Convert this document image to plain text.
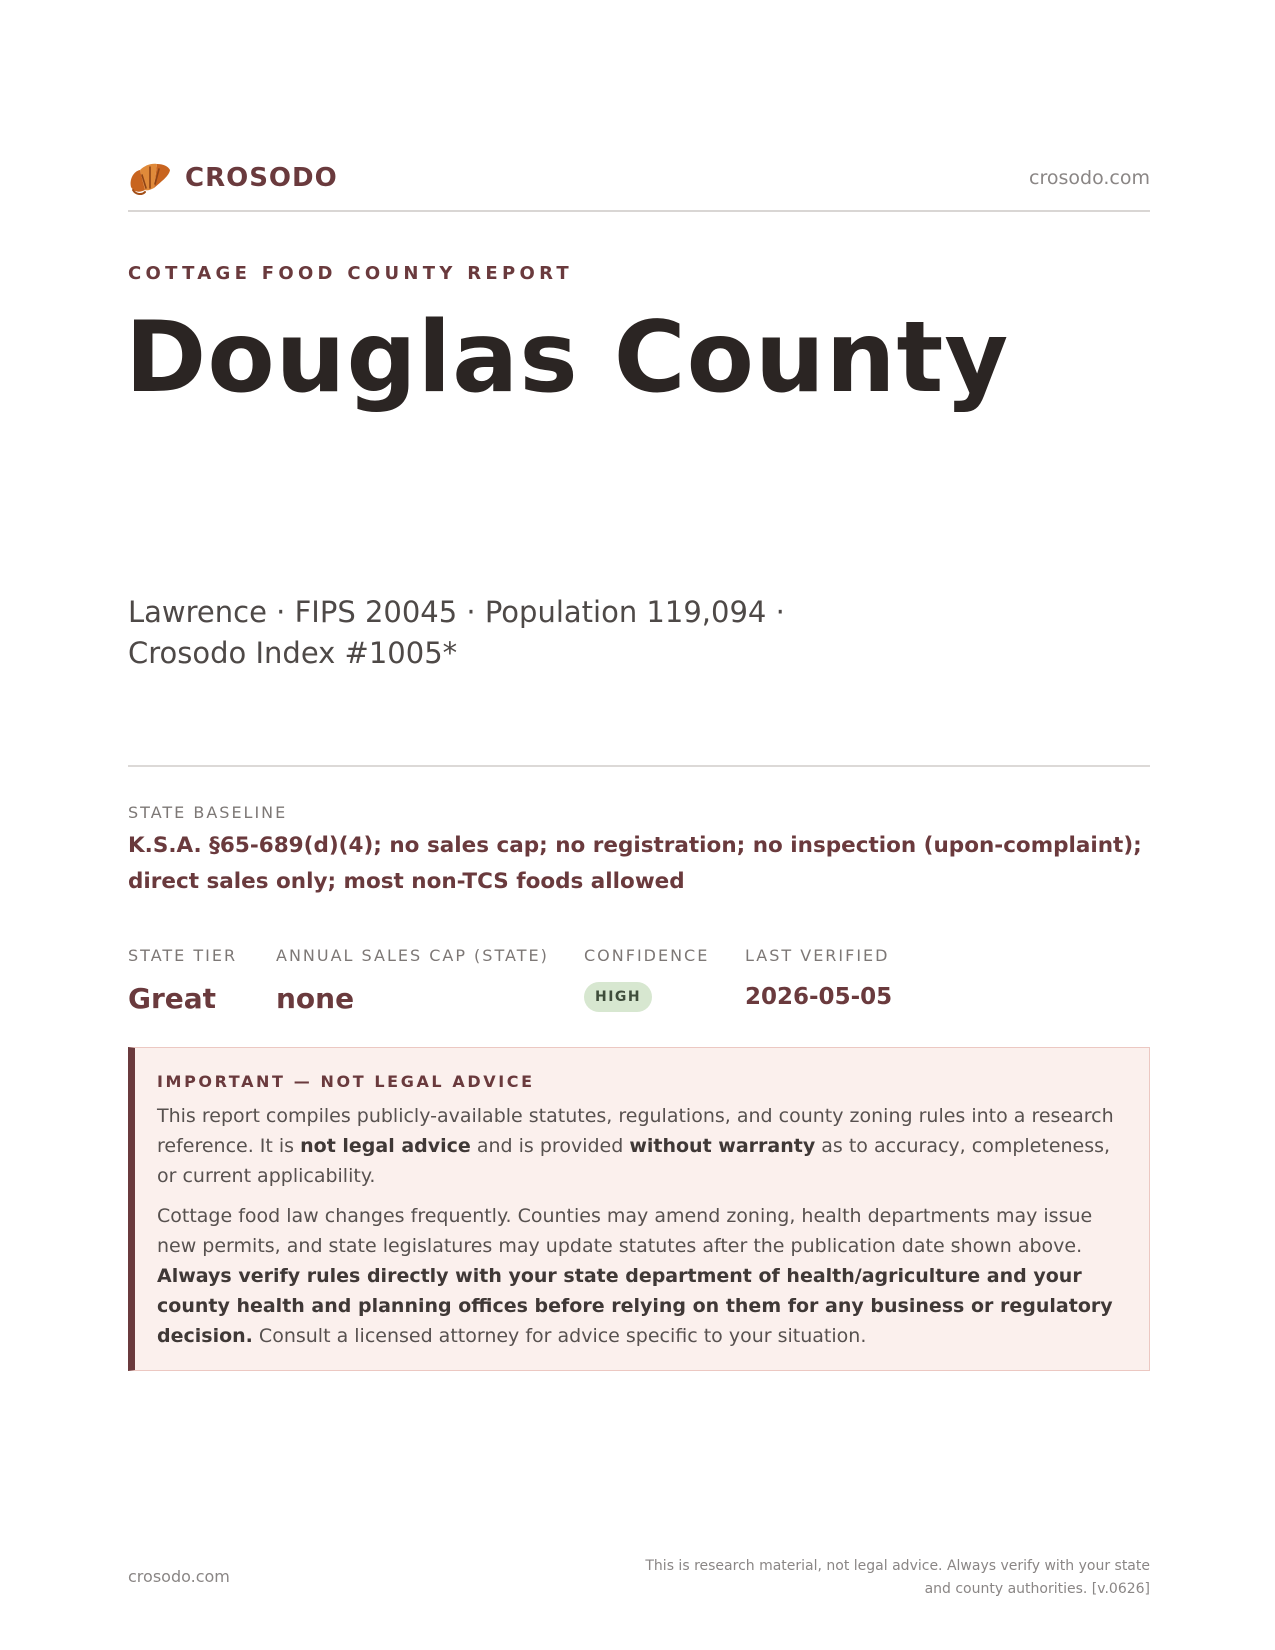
CROSODO	crosodo.com
COTTAGE FOOD COUNTY REPORT
Douglas County

Lawrence · FIPS 20045 · Population 119,094 · Crosodo Index #1005*

STATE BASELINE

K.S.A. §65-689(d)(4); no sales cap; no registration; no inspection (upon-complaint); direct sales only; most non-TCS foods allowed

STATE TIER
Great
ANNUAL SALES CAP (STATE)
none
CONFIDENCE
HIGH
LAST VERIFIED
2026-05-05
IMPORTANT — NOT LEGAL ADVICE

This report compiles publicly-available statutes, regulations, and county zoning rules into a research reference. It is not legal advice and is provided without warranty as to accuracy, completeness, or current applicability.

Cottage food law changes frequently. Counties may amend zoning, health departments may issue new permits, and state legislatures may update statutes after the publication date shown above. Always verify rules directly with your state department of health/agriculture and your county health and planning offices before relying on them for any business or regulatory decision. Consult a licensed attorney for advice specific to your situation.

crosodo.com
This is research material, not legal advice. Always verify with your state and county authorities. [v.0626]
